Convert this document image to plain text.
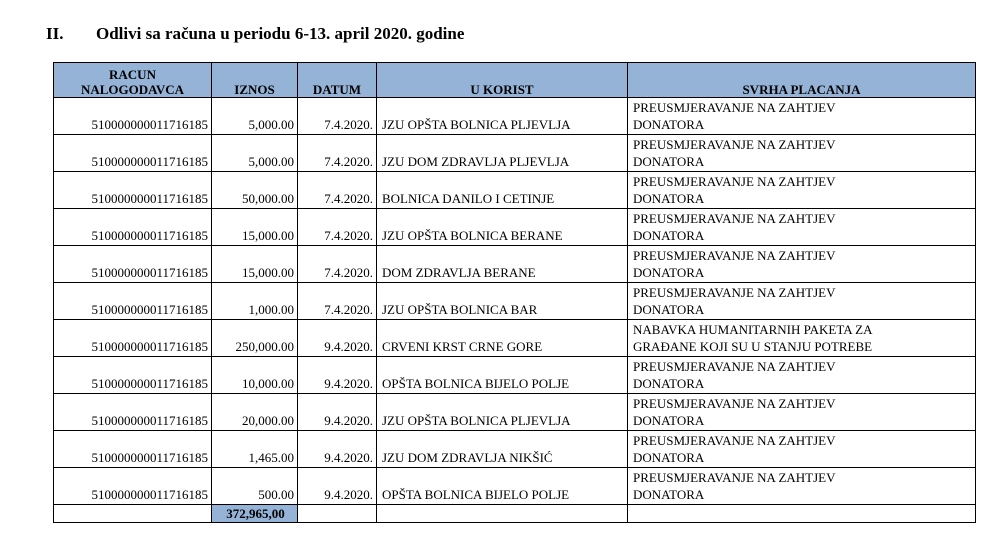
II. Odlivi sa računa u periodu 6-13. april 2020. godine
RACUN
NALOGODAVCA	IZNOS	DATUM	U KORIST	SVRHA PLACANJA
510000000011716185	5,000.00	7.4.2020.	JZU OPŠTA BOLNICA PLJEVLJA	PREUSMJERAVANJE NA ZAHTJEV
DONATORA
510000000011716185	5,000.00	7.4.2020.	JZU DOM ZDRAVLJA PLJEVLJA	PREUSMJERAVANJE NA ZAHTJEV
DONATORA
510000000011716185	50,000.00	7.4.2020.	BOLNICA DANILO I CETINJE	PREUSMJERAVANJE NA ZAHTJEV
DONATORA
510000000011716185	15,000.00	7.4.2020.	JZU OPŠTA BOLNICA BERANE	PREUSMJERAVANJE NA ZAHTJEV
DONATORA
510000000011716185	15,000.00	7.4.2020.	DOM ZDRAVLJA BERANE	PREUSMJERAVANJE NA ZAHTJEV
DONATORA
510000000011716185	1,000.00	7.4.2020.	JZU OPŠTA BOLNICA BAR	PREUSMJERAVANJE NA ZAHTJEV
DONATORA
510000000011716185	250,000.00	9.4.2020.	CRVENI KRST CRNE GORE	NABAVKA HUMANITARNIH PAKETA ZA
GRAĐANE KOJI SU U STANJU POTREBE
510000000011716185	10,000.00	9.4.2020.	OPŠTA BOLNICA BIJELO POLJE	PREUSMJERAVANJE NA ZAHTJEV
DONATORA
510000000011716185	20,000.00	9.4.2020.	JZU OPŠTA BOLNICA PLJEVLJA	PREUSMJERAVANJE NA ZAHTJEV
DONATORA
510000000011716185	1,465.00	9.4.2020.	JZU DOM ZDRAVLJA NIKŠIĆ	PREUSMJERAVANJE NA ZAHTJEV
DONATORA
510000000011716185	500.00	9.4.2020.	OPŠTA BOLNICA BIJELO POLJE	PREUSMJERAVANJE NA ZAHTJEV
DONATORA
	372,965,00			
